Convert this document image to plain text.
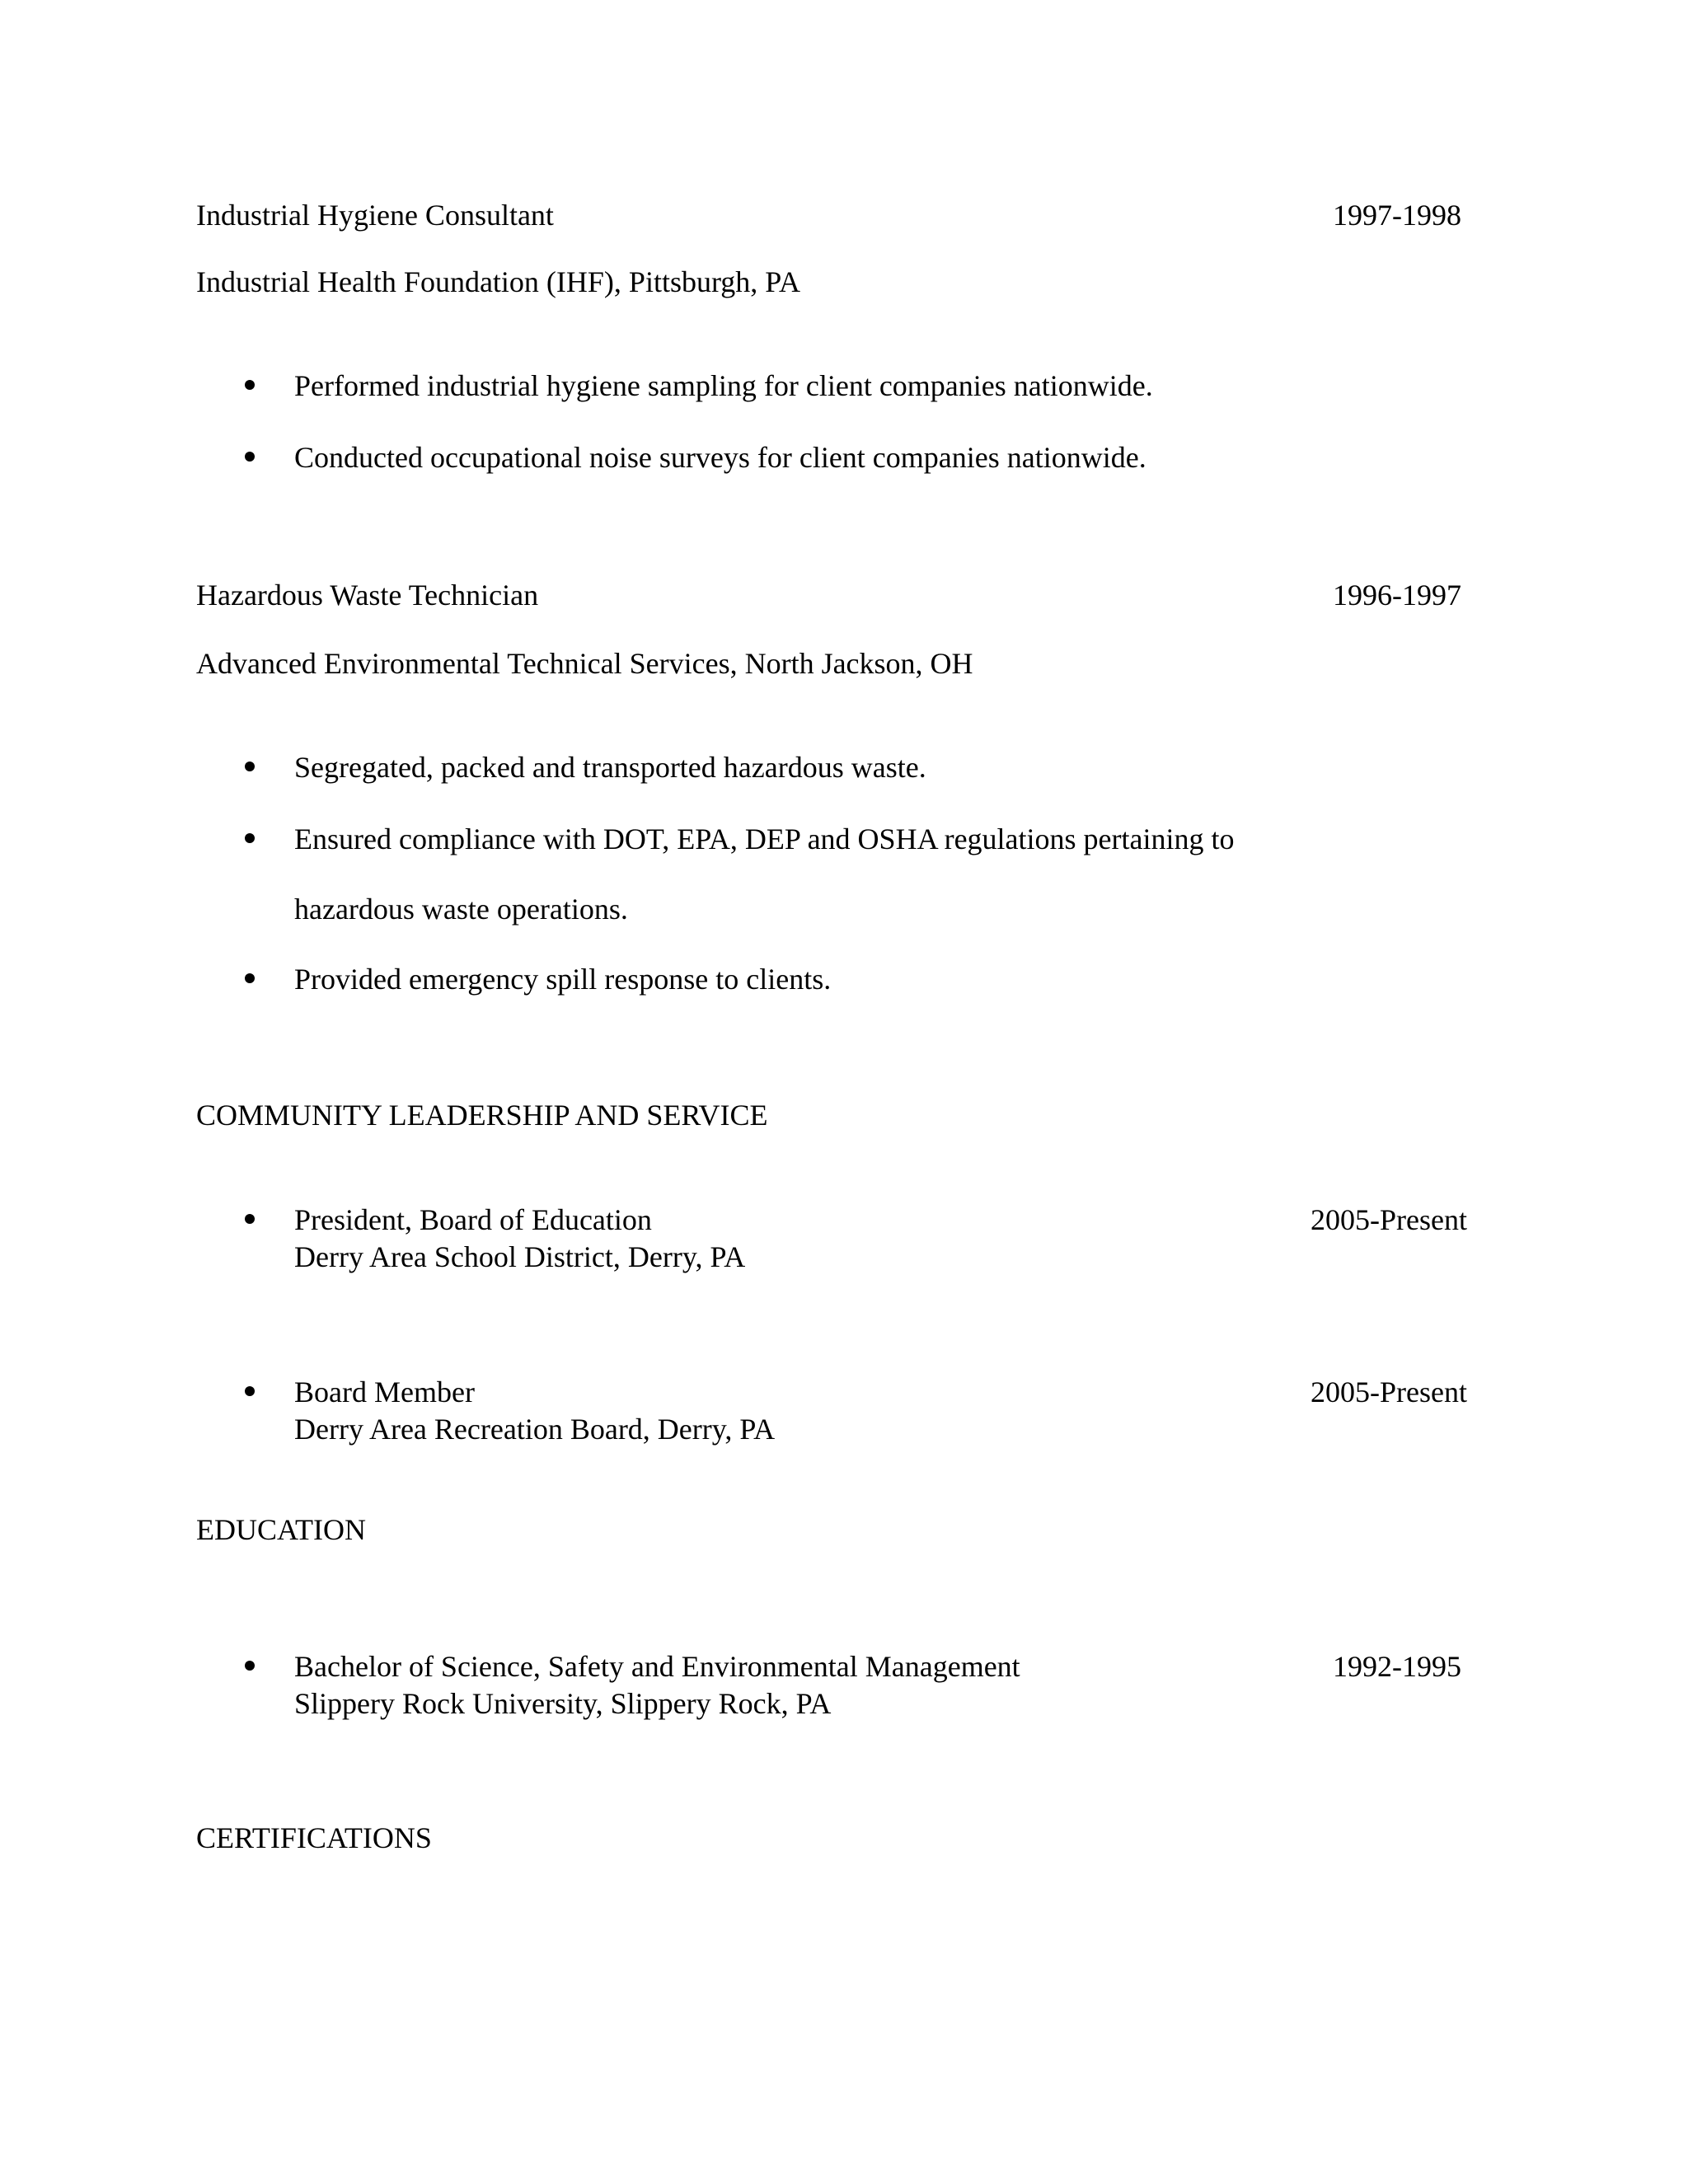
Industrial Hygiene Consultant	1997-1998
Industrial Health Foundation (IHF), Pittsburgh, PA
Performed industrial hygiene sampling for client companies nationwide.
Conducted occupational noise surveys for client companies nationwide.
Hazardous Waste Technician	1996-1997
Advanced Environmental Technical Services, North Jackson, OH
Segregated, packed and transported hazardous waste.
Ensured compliance with DOT, EPA, DEP and OSHA regulations pertaining to
hazardous waste operations.
Provided emergency spill response to clients.
COMMUNITY LEADERSHIP AND SERVICE
President, Board of Education	2005-Present
Derry Area School District, Derry, PA
Board Member	2005-Present
Derry Area Recreation Board, Derry, PA
EDUCATION
Bachelor of Science, Safety and Environmental Management	1992-1995
Slippery Rock University, Slippery Rock, PA
CERTIFICATIONS
